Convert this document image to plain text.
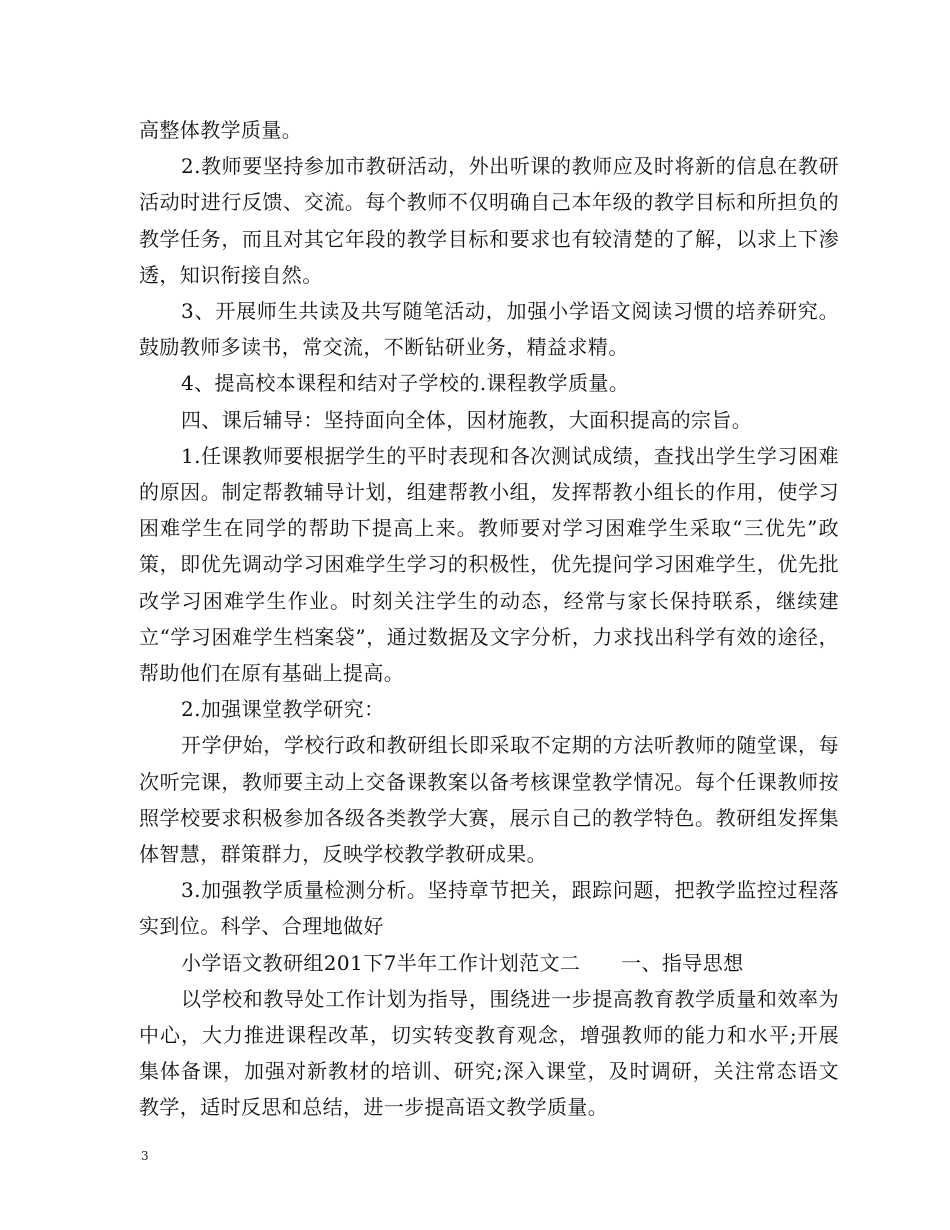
高整体教学质量。

2.教师要坚持参加市教研活动，外出听课的教师应及时将新的信息在教研活动时进行反馈、交流。每个教师不仅明确自己本年级的教学目标和所担负的教学任务，而且对其它年段的教学目标和要求也有较清楚的了解，以求上下渗透，知识衔接自然。

3、开展师生共读及共写随笔活动，加强小学语文阅读习惯的培养研究。鼓励教师多读书，常交流，不断钻研业务，精益求精。

4、提高校本课程和结对子学校的.课程教学质量。

四、课后辅导：坚持面向全体，因材施教，大面积提高的宗旨。

1.任课教师要根据学生的平时表现和各次测试成绩，查找出学生学习困难的原因。制定帮教辅导计划，组建帮教小组，发挥帮教小组长的作用，使学习困难学生在同学的帮助下提高上来。教师要对学习困难学生采取“三优先”政策，即优先调动学习困难学生学习的积极性，优先提问学习困难学生，优先批改学习困难学生作业。时刻关注学生的动态，经常与家长保持联系，继续建立“学习困难学生档案袋”，通过数据及文字分析，力求找出科学有效的途径，帮助他们在原有基础上提高。

2.加强课堂教学研究：

开学伊始，学校行政和教研组长即采取不定期的方法听教师的随堂课，每次听完课，教师要主动上交备课教案以备考核课堂教学情况。每个任课教师按照学校要求积极参加各级各类教学大赛，展示自己的教学特色。教研组发挥集体智慧，群策群力，反映学校教学教研成果。

3.加强教学质量检测分析。坚持章节把关，跟踪问题，把教学监控过程落实到位。科学、合理地做好

小学语文教研组201下7半年工作计划范文二　　一、指导思想

以学校和教导处工作计划为指导，围绕进一步提高教育教学质量和效率为中心，大力推进课程改革，切实转变教育观念，增强教师的能力和水平;开展集体备课，加强对新教材的培训、研究;深入课堂，及时调研，关注常态语文教学，适时反思和总结，进一步提高语文教学质量。

3
